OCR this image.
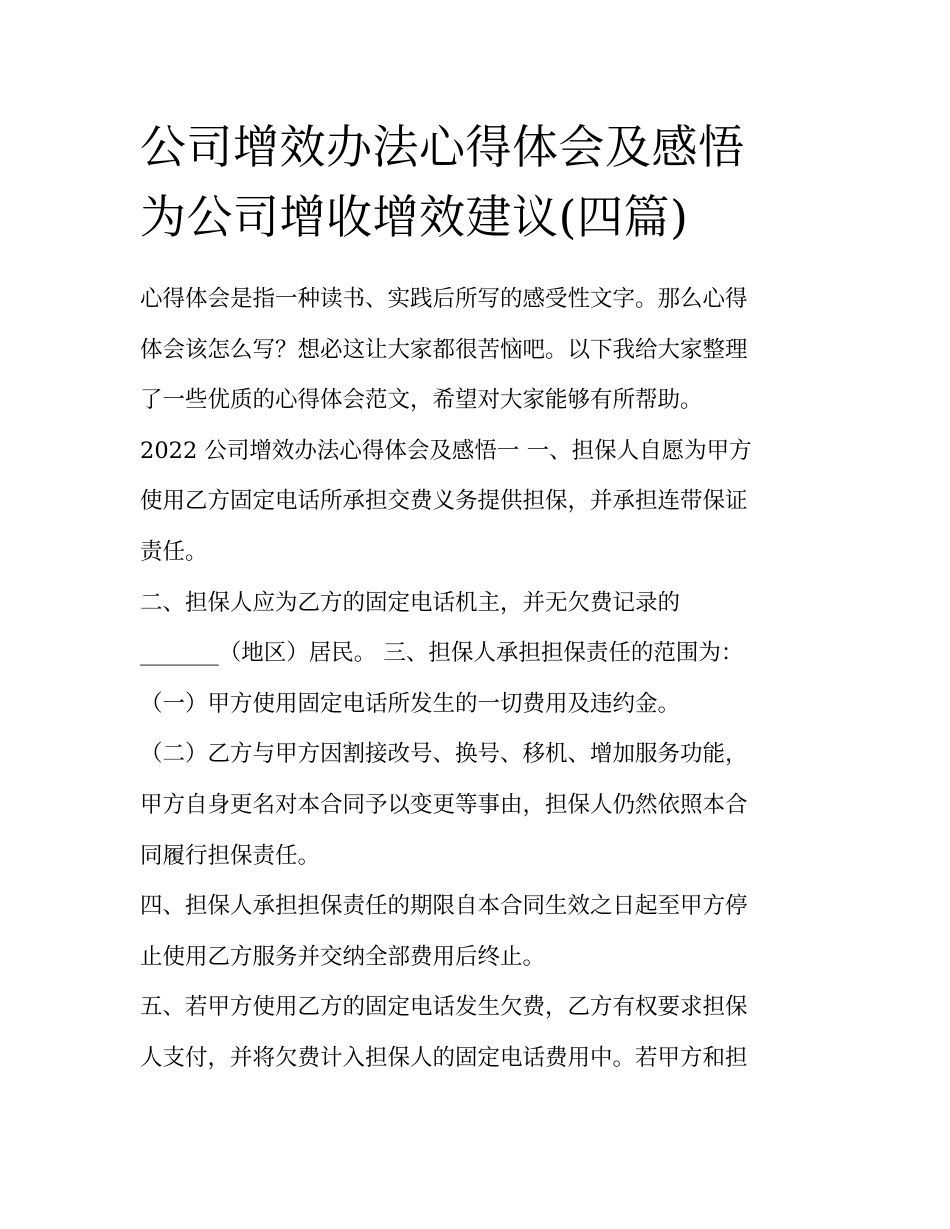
公司增效办法心得体会及感悟
为公司增收增效建议(四篇)

心得体会是指一种读书、实践后所写的感受性文字。那么心得
体会该怎么写？想必这让大家都很苦恼吧。以下我给大家整理
了一些优质的心得体会范文，希望对大家能够有所帮助。

2022 公司增效办法心得体会及感悟一 一、担保人自愿为甲方
使用乙方固定电话所承担交费义务提供担保，并承担连带保证
责任。

二、担保人应为乙方的固定电话机主，并无欠费记录的
_______（地区）居民。 三、担保人承担担保责任的范围为：

（一）甲方使用固定电话所发生的一切费用及违约金。

（二）乙方与甲方因割接改号、换号、移机、增加服务功能，
甲方自身更名对本合同予以变更等事由，担保人仍然依照本合
同履行担保责任。

四、担保人承担担保责任的期限自本合同生效之日起至甲方停
止使用乙方服务并交纳全部费用后终止。

五、若甲方使用乙方的固定电话发生欠费，乙方有权要求担保
人支付，并将欠费计入担保人的固定电话费用中。若甲方和担
